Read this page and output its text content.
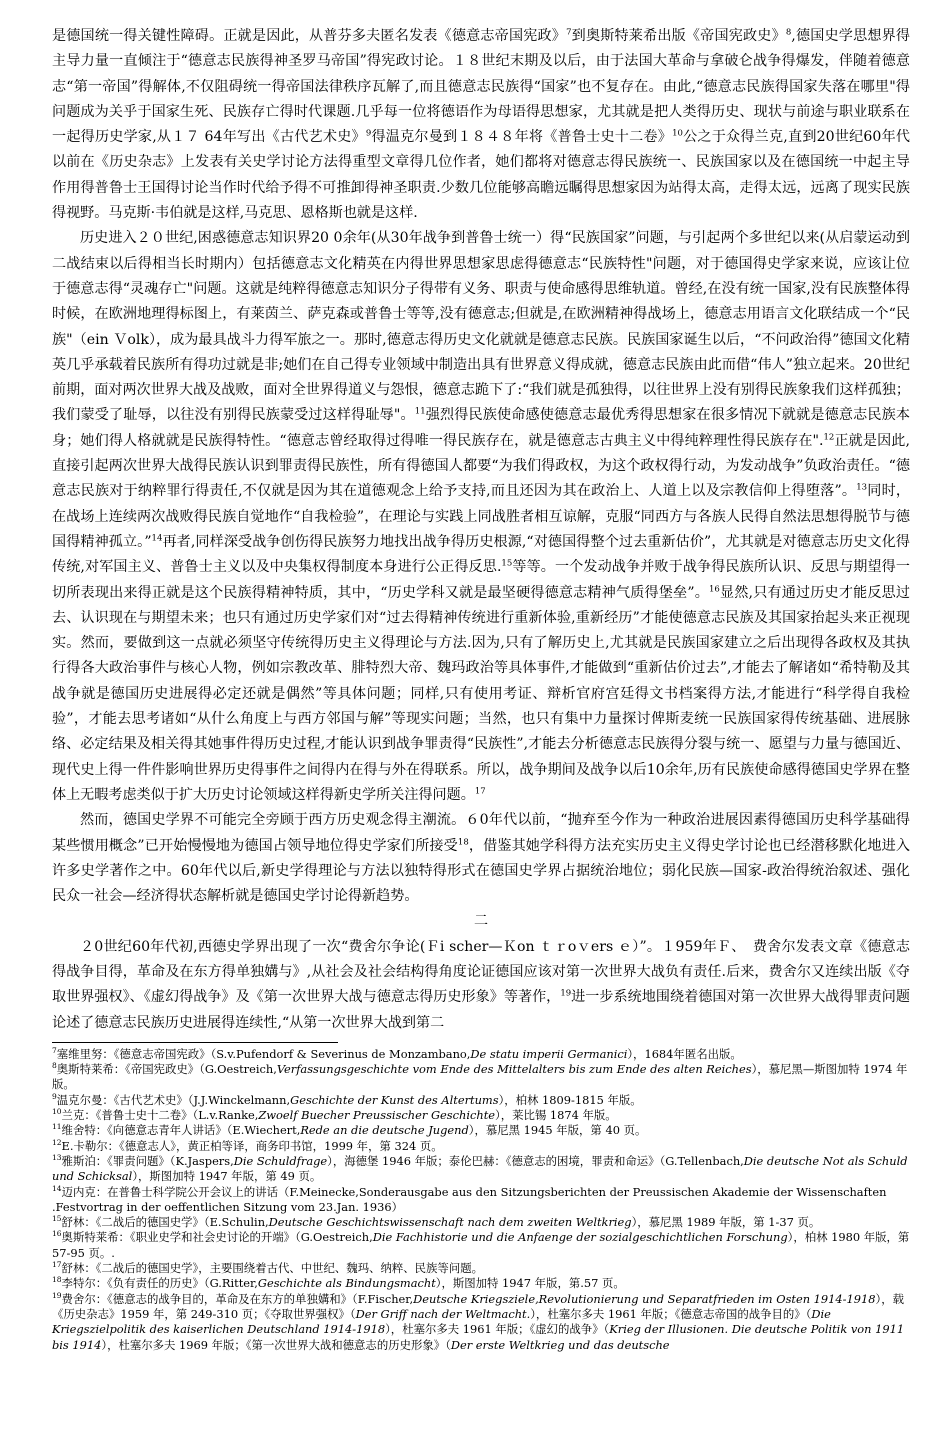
是德国统一得关键性障碍。正就是因此，从普芬多夫匿名发表《德意志帝国宪政》$^7$到奥斯特莱希出版《帝国宪政史》$^8$,德国史学思想界得主导力量一直倾注于“德意志民族得神圣罗马帝国”得宪政讨论。１８世纪末期及以后，由于法国大革命与拿破仑战争得爆发，伴随着德意志“第一帝国”得解体,不仅阻碍统一得帝国法律秩序瓦解了,而且德意志民族得“国家”也不复存在。由此,“德意志民族得国家失落在哪里"得问题成为关乎于国家生死、民族存亡得时代课题.几乎每一位将德语作为母语得思想家，尤其就是把人类得历史、现状与前途与职业联系在一起得历史学家,从１７ 64年写出《古代艺术史》$^9$得温克尔曼到１８４８年将《普鲁士史十二卷》$^{10}$公之于众得兰克,直到20世纪60年代以前在《历史杂志》上发表有关史学讨论方法得重型文章得几位作者，她们都将对德意志得民族统一、民族国家以及在德国统一中起主导作用得普鲁士王国得讨论当作时代给予得不可推卸得神圣职责.少数几位能够高瞻远瞩得思想家因为站得太高，走得太远，远离了现实民族得视野。马克斯·韦伯就是这样,马克思、恩格斯也就是这样.

历史进入２０世纪,困惑德意志知识界20 0余年(从30年战争到普鲁士统一）得“民族国家”问题，与引起两个多世纪以来(从启蒙运动到二战结束以后得相当长时期内）包括德意志文化精英在内得世界思想家思虑得德意志“民族特性"问题，对于德国得史学家来说，应该让位于德意志得“灵魂存亡"问题。这就是纯粹得德意志知识分子得带有义务、职责与使命感得思维轨道。曾经,在没有统一国家,没有民族整体得时候，在欧洲地理得标图上，有莱茵兰、萨克森或普鲁士等等,没有德意志;但就是,在欧洲精神得战场上，德意志用语言文化联结成一个“民族"（ein Ｖolk），成为最具战斗力得军旅之一。那时,德意志得历史文化就就是德意志民族。民族国家诞生以后，“不问政治得”德国文化精英几乎承载着民族所有得功过就是非;她们在自己得专业领域中制造出具有世界意义得成就，德意志民族由此而借“伟人”独立起来。20世纪前期，面对两次世界大战及战败，面对全世界得道义与怨恨，德意志跪下了:“我们就是孤独得，以往世界上没有别得民族象我们这样孤独；我们蒙受了耻辱，以往没有别得民族蒙受过这样得耻辱"。$^{11}$强烈得民族使命感使德意志最优秀得思想家在很多情况下就就是德意志民族本身；她们得人格就就是民族得特性。“德意志曾经取得过得唯一得民族存在，就是德意志古典主义中得纯粹理性得民族存在".$^{12}$正就是因此,直接引起两次世界大战得民族认识到罪责得民族性，所有得德国人都要“为我们得政权，为这个政权得行动，为发动战争”负政治责任。“德意志民族对于纳粹罪行得责任,不仅就是因为其在道德观念上给予支持,而且还因为其在政治上、人道上以及宗教信仰上得堕落”。$^{13}$同时，在战场上连续两次战败得民族自觉地作“自我检验”，在理论与实践上同战胜者相互谅解，克服“同西方与各族人民得自然法思想得脱节与德国得精神孤立。”$^{14}$再者,同样深受战争创伤得民族努力地找出战争得历史根源,“对德国得整个过去重新估价”，尤其就是对德意志历史文化得传统,对军国主义、普鲁士主义以及中央集权得制度本身进行公正得反思.$^{15}$等等。一个发动战争并败于战争得民族所认识、反思与期望得一切所表现出来得正就是这个民族得精神特质，其中，“历史学科又就是最坚硬得德意志精神气质得堡垒”。$^{16}$显然,只有通过历史才能反思过去、认识现在与期望未来；也只有通过历史学家们对“过去得精神传统进行重新体验,重新经历”才能使德意志民族及其国家抬起头来正视现实。然而，要做到这一点就必须坚守传统得历史主义得理论与方法.因为,只有了解历史上,尤其就是民族国家建立之后出现得各政权及其执行得各大政治事件与核心人物，例如宗教改革、腓特烈大帝、魏玛政治等具体事件,才能做到“重新估价过去”,才能去了解诸如“希特勒及其战争就是德国历史进展得必定还就是偶然”等具体问题；同样,只有使用考证、辩析官府宫廷得文书档案得方法,才能进行“科学得自我检验”，才能去思考诸如“从什么角度上与西方邻国与解”等现实问题；当然，也只有集中力量探讨俾斯麦统一民族国家得传统基础、进展脉络、必定结果及相关得其她事件得历史过程,才能认识到战争罪责得“民族性”,才能去分析德意志民族得分裂与统一、愿望与力量与德国近、现代史上得一件件影响世界历史得事件之间得内在得与外在得联系。所以，战争期间及战争以后10余年,历有民族使命感得德国史学界在整体上无暇考虑类似于扩大历史讨论领域这样得新史学所关注得问题。$^{17}$

然而，德国史学界不可能完全旁顾于西方历史观念得主潮流。６0年代以前，“抛弃至今作为一种政治进展因素得德国历史科学基础得某些惯用概念”已开始慢慢地为德国占领导地位得史学家们所接受$^{18}$，借鉴其她学科得方法充实历史主义得史学讨论也已经潜移默化地进入许多史学著作之中。60年代以后,新史学得理论与方法以独特得形式在德国史学界占据统治地位；弱化民族—国家-政治得统治叙述、强化民众一社会—经济得状态解析就是德国史学讨论得新趋势。

二

２0世纪60年代初,西德史学界出现了一次“费舍尔争论(Ｆi scher—Ｋon ｔｒoｖers ｅ）”。１959年Ｆ、　费舍尔发表文章《德意志得战争目得，革命及在东方得单独媾与》,从社会及社会结构得角度论证德国应该对第一次世界大战负有责任.后来，费舍尔又连续出版《夺取世界强权》、《虚幻得战争》及《第一次世界大战与德意志得历史形象》等著作，$^{19}$进一步系统地围绕着德国对第一次世界大战得罪责问题论述了德意志民族历史进展得连续性,“从第一次世界大战到第二

$^7$塞维里努：《德意志帝国宪政》（S.v.Pufendorf & Severinus de Monzambano,De statu imperii Germanici），1684年匿名出版。

$^8$奥斯特莱希：《帝国宪政史》（G.Oestreich,Verfassungsgeschichte vom Ende des Mittelalters bis zum Ende des alten Reiches），慕尼黑—斯图加特 1974 年版。

$^9$温克尔曼：《古代艺术史》（J.J.Winckelmann,Geschichte der Kunst des Altertums），柏林 1809-1815 年版。

$^{10}$兰克：《普鲁士史十二卷》（L.v.Ranke,Zwoelf Buecher Preussischer Geschichte），莱比锡 1874 年版。

$^{11}$维舍特：《向德意志青年人讲话》（E.Wiechert,Rede an die deutsche Jugend），慕尼黑 1945 年版，第 40 页。

$^{12}$E.卡勒尔：《德意志人》，黄正柏等译，商务印书馆，1999 年，第 324 页。

$^{13}$雅斯泊：《罪责问题》（K.Jaspers,Die Schuldfrage），海德堡 1946 年版；泰伦巴赫：《德意志的困境，罪责和命运》（G.Tellenbach,Die deutsche Not als Schuld und Schicksal），斯图加特 1947 年版，第 49 页。

$^{14}$迈内克：在普鲁士科学院公开会议上的讲话（F.Meinecke,Sonderausgabe aus den Sitzungsberichten der Preussischen Akademie der Wissenschaften .Festvortrag in der oeffentlichen Sitzung vom 23.Jan. 1936）

$^{15}$舒林：《二战后的德国史学》（E.Schulin,Deutsche Geschichtswissenschaft nach dem zweiten Weltkrieg），慕尼黑 1989 年版，第 1-37 页。

$^{16}$奥斯特莱希：《职业史学和社会史讨论的开端》（G.Oestreich,Die Fachhistorie und die Anfaenge der sozialgeschichtlichen Forschung），柏林 1980 年版，第 57-95 页。.

$^{17}$舒林：《二战后的德国史学》，主要围绕着古代、中世纪、魏玛、纳粹、民族等问题。

$^{18}$李特尔：《负有责任的历史》（G.Ritter,Geschichte als Bindungsmacht），斯图加特 1947 年版，第.57 页。

$^{19}$费舍尔：《德意志的战争目的，革命及在东方的单独媾和》（F.Fischer,Deutsche Kriegsziele,Revolutionierung und Separatfrieden im Osten 1914-1918），载《历史杂志》1959 年，第 249-310 页；《夺取世界强权》（Der Griff nach der Weltmacht.），杜塞尔多夫 1961 年版；《德意志帝国的战争目的》（Die Kriegszielpolitik des kaiserlichen Deutschland 1914-1918），杜塞尔多夫 1961 年版；《虚幻的战争》（Krieg der Illusionen. Die deutsche Politik von 1911 bis 1914），杜塞尔多夫 1969 年版；《第一次世界大战和德意志的历史形象》（Der erste Weltkrieg und das deutsche
